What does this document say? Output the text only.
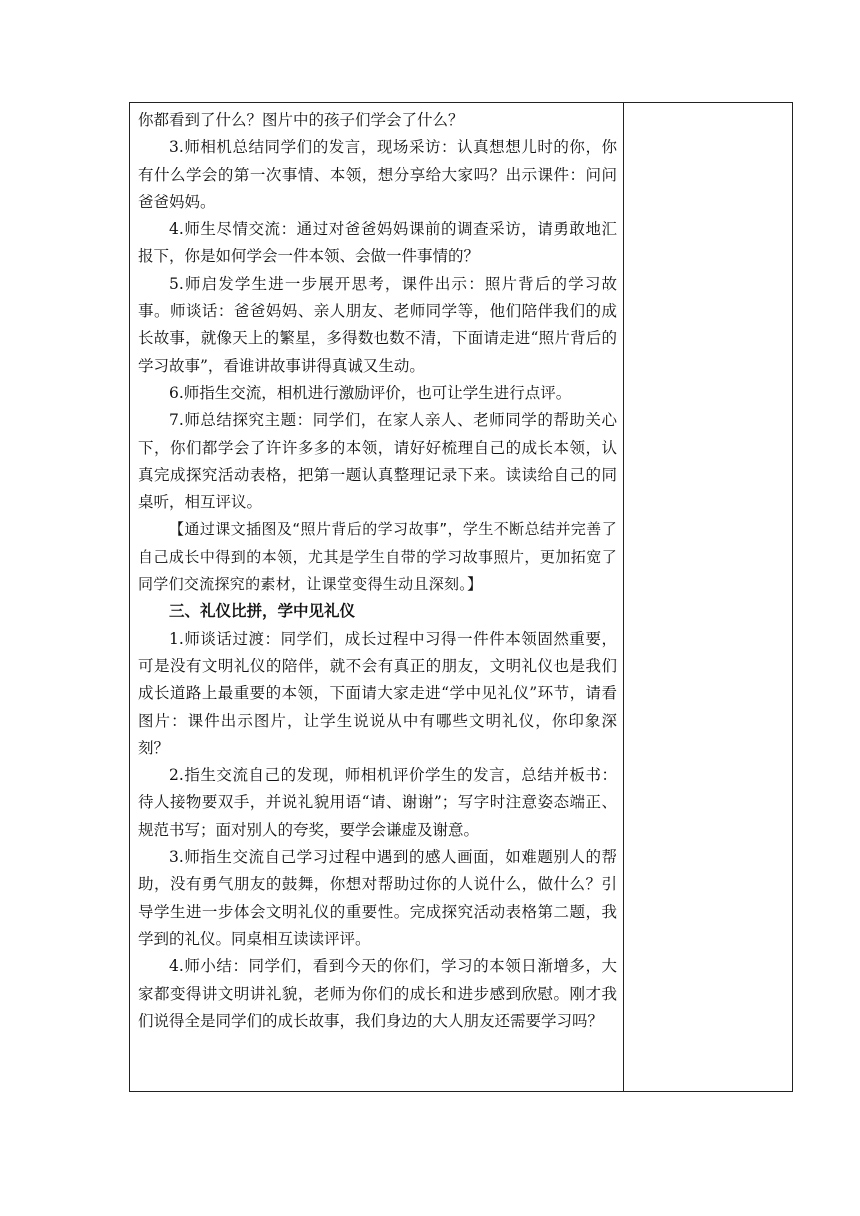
你都看到了什么？图片中的孩子们学会了什么？

3.师相机总结同学们的发言，现场采访：认真想想儿时的你，你有什么学会的第一次事情、本领，想分享给大家吗？出示课件：问问爸爸妈妈。

4.师生尽情交流：通过对爸爸妈妈课前的调查采访，请勇敢地汇报下，你是如何学会一件本领、会做一件事情的？

5.师启发学生进一步展开思考，课件出示：照片背后的学习故事。师谈话：爸爸妈妈、亲人朋友、老师同学等，他们陪伴我们的成长故事，就像天上的繁星，多得数也数不清，下面请走进“照片背后的学习故事”，看谁讲故事讲得真诚又生动。

6.师指生交流，相机进行激励评价，也可让学生进行点评。

7.师总结探究主题：同学们，在家人亲人、老师同学的帮助关心下，你们都学会了许许多多的本领，请好好梳理自己的成长本领，认真完成探究活动表格，把第一题认真整理记录下来。读读给自己的同桌听，相互评议。

【通过课文插图及“照片背后的学习故事”，学生不断总结并完善了自己成长中得到的本领，尤其是学生自带的学习故事照片，更加拓宽了同学们交流探究的素材，让课堂变得生动且深刻。】

三、礼仪比拼，学中见礼仪

1.师谈话过渡：同学们，成长过程中习得一件件本领固然重要，可是没有文明礼仪的陪伴，就不会有真正的朋友，文明礼仪也是我们成长道路上最重要的本领，下面请大家走进“学中见礼仪”环节，请看图片：课件出示图片，让学生说说从中有哪些文明礼仪，你印象深刻？

2.指生交流自己的发现，师相机评价学生的发言，总结并板书：待人接物要双手，并说礼貌用语“请、谢谢”；写字时注意姿态端正、规范书写；面对别人的夸奖，要学会谦虚及谢意。

3.师指生交流自己学习过程中遇到的感人画面，如难题别人的帮助，没有勇气朋友的鼓舞，你想对帮助过你的人说什么，做什么？引导学生进一步体会文明礼仪的重要性。完成探究活动表格第二题，我学到的礼仪。同桌相互读读评评。

4.师小结：同学们，看到今天的你们，学习的本领日渐增多，大家都变得讲文明讲礼貌，老师为你们的成长和进步感到欣慰。刚才我们说得全是同学们的成长故事，我们身边的大人朋友还需要学习吗？
